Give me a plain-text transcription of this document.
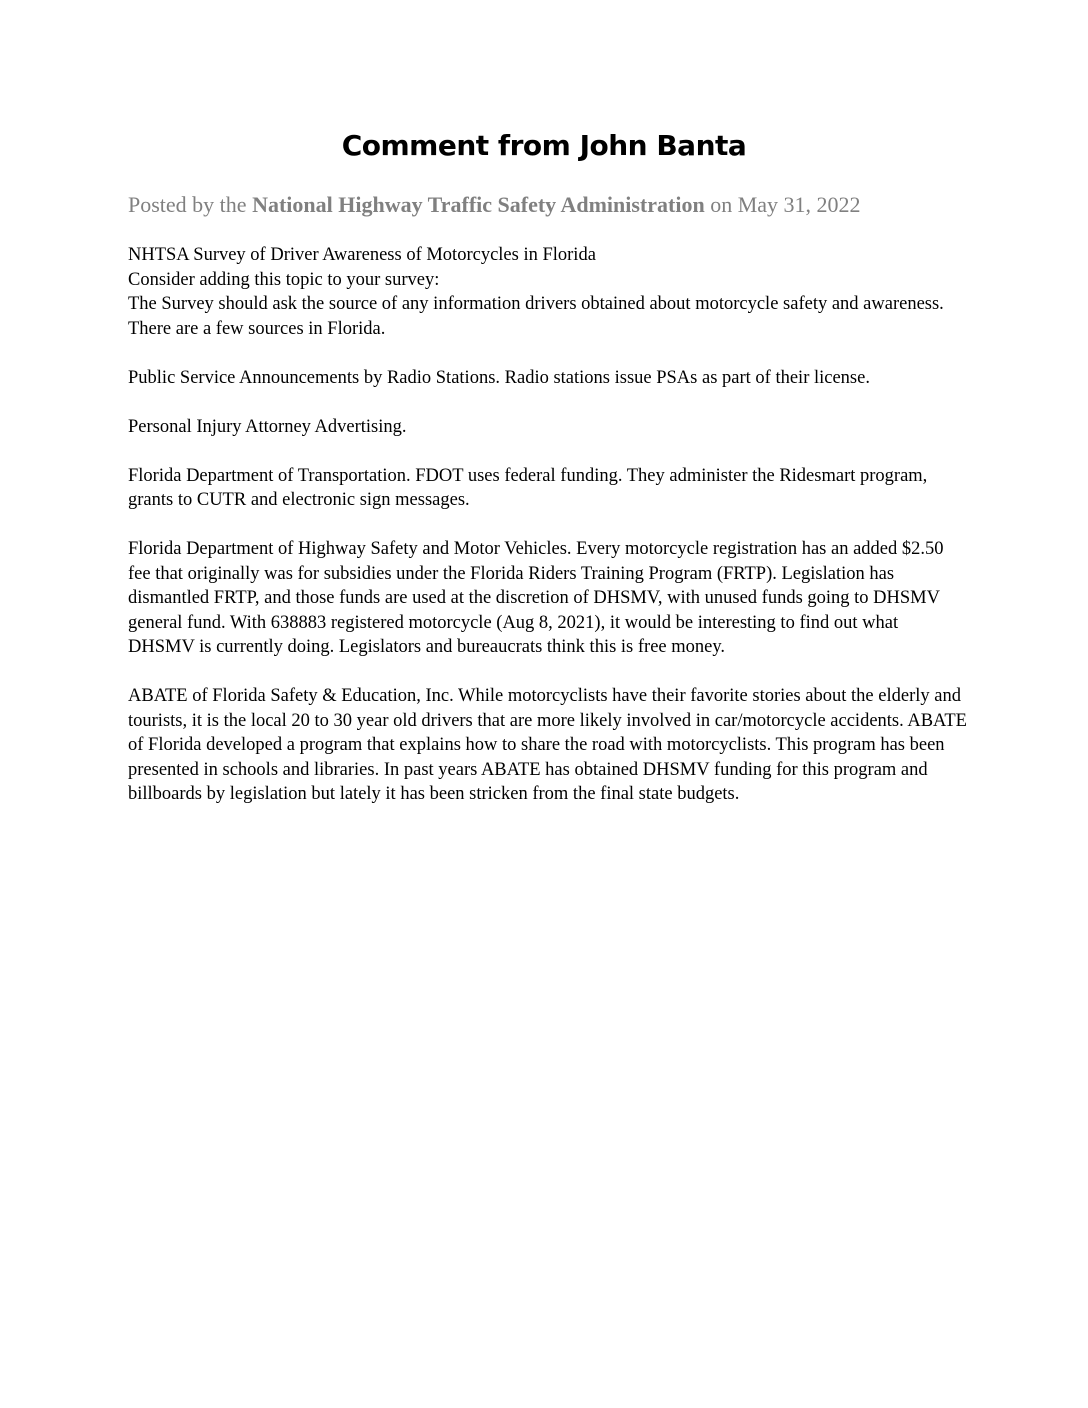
Comment from John Banta

Posted by the National Highway Traffic Safety Administration on May 31, 2022

NHTSA Survey of Driver Awareness of Motorcycles in Florida

Consider adding this topic to your survey:

The Survey should ask the source of any information drivers obtained about motorcycle safety and awareness. There are a few sources in Florida.

Public Service Announcements by Radio Stations. Radio stations issue PSAs as part of their license.

Personal Injury Attorney Advertising.

Florida Department of Transportation. FDOT uses federal funding. They administer the Ridesmart program, grants to CUTR and electronic sign messages.

Florida Department of Highway Safety and Motor Vehicles. Every motorcycle registration has an added $2.50 fee that originally was for subsidies under the Florida Riders Training Program (FRTP). Legislation has dismantled FRTP, and those funds are used at the discretion of DHSMV, with unused funds going to DHSMV general fund. With 638883 registered motorcycle (Aug 8, 2021), it would be interesting to find out what DHSMV is currently doing. Legislators and bureaucrats think this is free money.

ABATE of Florida Safety & Education, Inc. While motorcyclists have their favorite stories about the elderly and tourists, it is the local 20 to 30 year old drivers that are more likely involved in car/motorcycle accidents. ABATE of Florida developed a program that explains how to share the road with motorcyclists. This program has been presented in schools and libraries. In past years ABATE has obtained DHSMV funding for this program and billboards by legislation but lately it has been stricken from the final state budgets.
